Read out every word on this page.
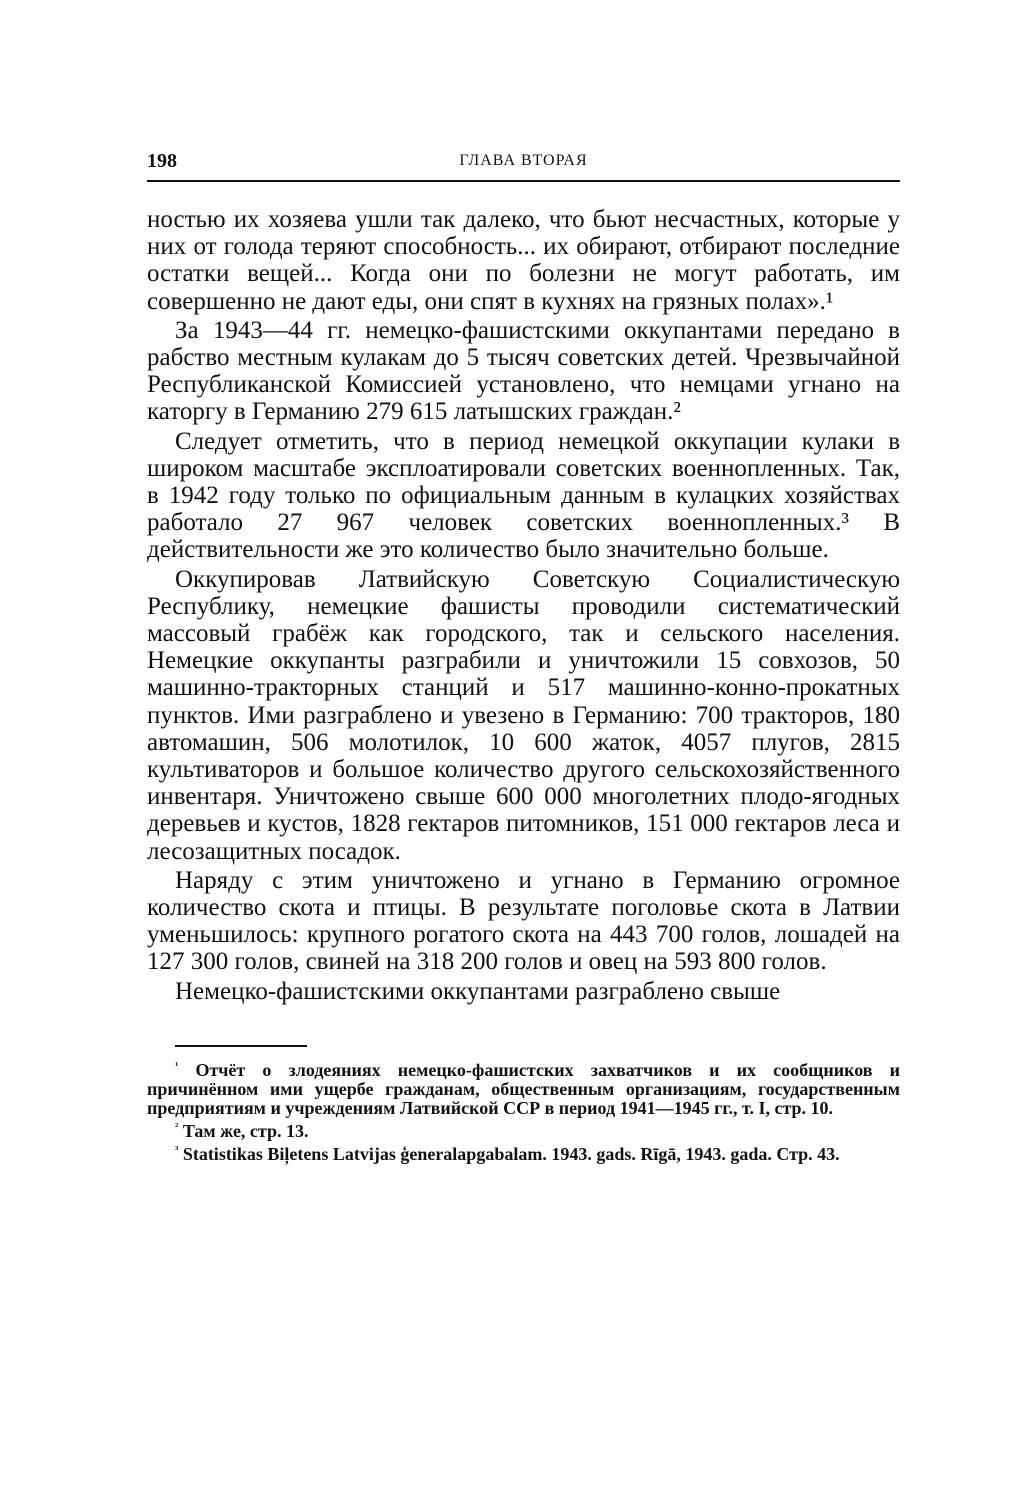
198	ГЛАВА ВТОРАЯ

ностью их хозяева ушли так далеко, что бьют несчастных, которые у них от голода теряют способность... их обирают, отбирают последние остатки вещей... Когда они по болезни не могут работать, им совершенно не дают еды, они спят в кухнях на грязных полах».¹

За 1943—44 гг. немецко-фашистскими оккупантами передано в рабство местным кулакам до 5 тысяч советских детей. Чрезвычайной Республиканской Комиссией установлено, что немцами угнано на каторгу в Германию 279 615 латышских граждан.²

Следует отметить, что в период немецкой оккупации кулаки в широком масштабе эксплоатировали советских военнопленных. Так, в 1942 году только по официальным данным в кулацких хозяйствах работало 27 967 человек советских военнопленных.³ В действительности же это количество было значительно больше.

Оккупировав Латвийскую Советскую Социалистическую Республику, немецкие фашисты проводили систематический массовый грабёж как городского, так и сельского населения. Немецкие оккупанты разграбили и уничтожили 15 совхозов, 50 машинно-тракторных станций и 517 машинно-конно-прокатных пунктов. Ими разграблено и увезено в Германию: 700 тракторов, 180 автомашин, 506 молотилок, 10 600 жаток, 4057 плугов, 2815 культиваторов и большое количество другого сельскохозяйственного инвентаря. Уничтожено свыше 600 000 многолетних плодо-ягодных деревьев и кустов, 1828 гектаров питомников, 151 000 гектаров леса и лесозащитных посадок.

Наряду с этим уничтожено и угнано в Германию огромное количество скота и птицы. В результате поголовье скота в Латвии уменьшилось: крупного рогатого скота на 443 700 голов, лошадей на 127 300 голов, свиней на 318 200 голов и овец на 593 800 голов.

Немецко-фашистскими оккупантами разграблено свыше

$^{^1}$ Отчёт о злодеяниях немецко-фашистских захватчиков и их сообщников и причинённом ими ущербе гражданам, общественным организациям, государственным предприятиям и учреждениям Латвийской ССР в период 1941—1945 гг., т. I, стр. 10.

$^{^2}$ Там же, стр. 13.

$^{^3}$ Statistikas Biļetens Latvijas ģeneralapgabalam. 1943. gads. Rīgā, 1943. gada. Стр. 43.
